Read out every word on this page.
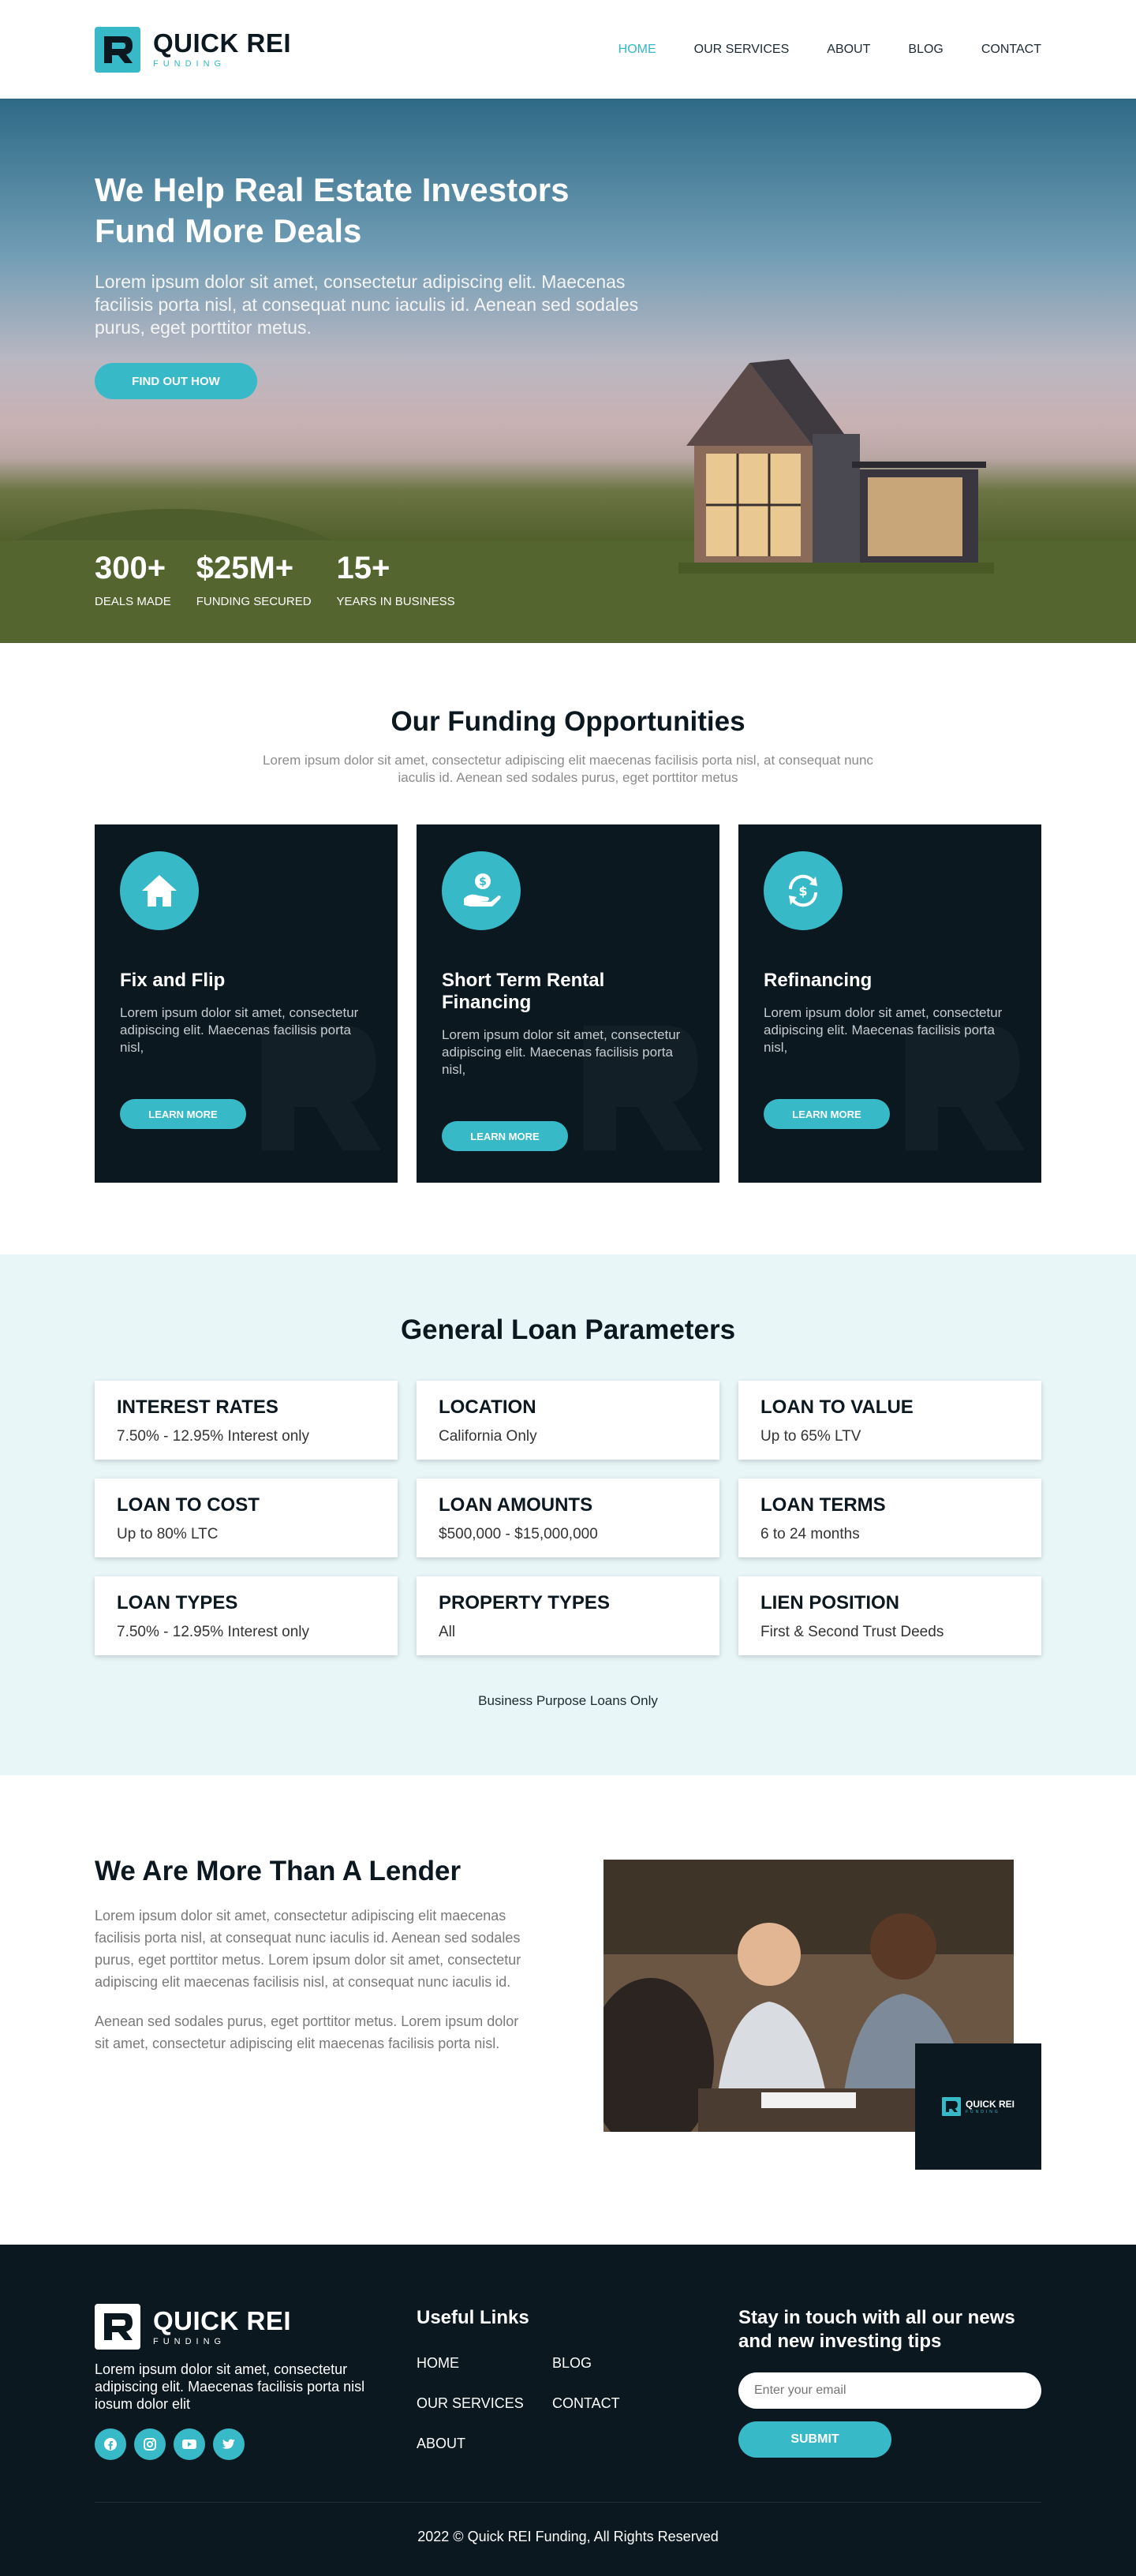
QUICK REI
FUNDING
HOME	OUR SERVICES	ABOUT	BLOG	CONTACT
We Help Real Estate Investors
Fund More Deals

Lorem ipsum dolor sit amet, consectetur adipiscing elit. Maecenas facilisis porta nisl, at consequat nunc iaculis id. Aenean sed sodales purus, eget porttitor metus.

FIND OUT HOW
300+
DEALS MADE
$25M+
FUNDING SECURED
15+
YEARS IN BUSINESS
Our Funding Opportunities

Lorem ipsum dolor sit amet, consectetur adipiscing elit maecenas facilisis porta nisl, at consequat nunc iaculis id. Aenean sed sodales purus, eget porttitor metus

Fix and Flip

Lorem ipsum dolor sit amet, consectetur adipiscing elit. Maecenas facilisis porta nisl,

LEARN MORE
$
Short Term Rental Financing

Lorem ipsum dolor sit amet, consectetur adipiscing elit. Maecenas facilisis porta nisl,

LEARN MORE
$
Refinancing

Lorem ipsum dolor sit amet, consectetur adipiscing elit. Maecenas facilisis porta nisl,

LEARN MORE
General Loan Parameters
INTEREST RATES
7.50% - 12.95% Interest only
LOCATION
California Only
LOAN TO VALUE
Up to 65% LTV
LOAN TO COST
Up to 80% LTC
LOAN AMOUNTS
$500,000 - $15,000,000
LOAN TERMS
6 to 24 months
LOAN TYPES
7.50% - 12.95% Interest only
PROPERTY TYPES
All
LIEN POSITION
First & Second Trust Deeds

Business Purpose Loans Only

We Are More Than A Lender

Lorem ipsum dolor sit amet, consectetur adipiscing elit maecenas facilisis porta nisl, at consequat nunc iaculis id. Aenean sed sodales purus, eget porttitor metus. Lorem ipsum dolor sit amet, consectetur adipiscing elit maecenas facilisis nisl, at consequat nunc iaculis id.

Aenean sed sodales purus, eget porttitor metus. Lorem ipsum dolor sit amet, consectetur adipiscing elit maecenas facilisis porta nisl.

QUICK REI
FUNDING
QUICK REI
FUNDING

Lorem ipsum dolor sit amet, consectetur adipiscing elit. Maecenas facilisis porta nisl iosum dolor elit

Useful Links
HOME	BLOG
OUR SERVICES	CONTACT
ABOUT
Stay in touch with all our news and new investing tips
Enter your email
SUBMIT
2022 © Quick REI Funding, All Rights Reserved
